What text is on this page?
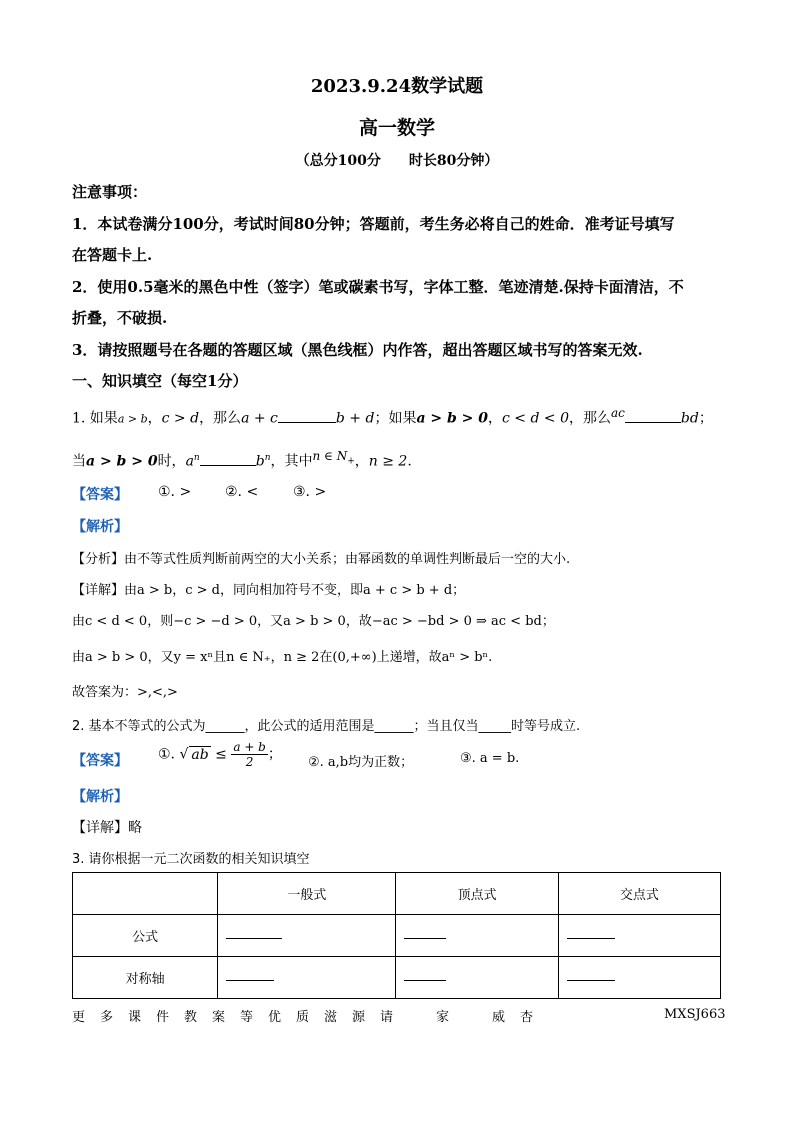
2023.9.24数学试题
高一数学
（总分100分　　时长80分钟）
注意事项：
1．本试卷满分100分，考试时间80分钟；答题前，考生务必将自己的姓命．准考证号填写
在答题卡上.
2．使用0.5毫米的黑色中性（签字）笔或碳素书写，字体工整．笔迹清楚.保持卡面清洁，不
折叠，不破损.
3．请按照题号在各题的答题区域（黑色线框）内作答，超出答题区域书写的答案无效.
一、知识填空（每空1分）
1. 如果a > b，c > d，那么a + c	b + d；如果a > b > 0，c < d < 0，那么$^{ac}$	bd；
当a > b > 0时，$a^n$	$b^n$，其中$^{n \in N_+}$，n ≥ 2.
【答案】 ①. > ②. < ③. >
【解析】
【分析】由不等式性质判断前两空的大小关系；由幂函数的单调性判断最后一空的大小.
【详解】由a > b，c > d，同向相加符号不变，即a + c > b + d；
由c < d < 0，则−c > −d > 0，又a > b > 0，故−ac > −bd > 0 ⇒ ac < bd；
由a > b > 0，又y = xⁿ且n ∈ N₊，n ≥ 2在(0,+∞)上递增，故aⁿ > bⁿ.
故答案为：>,<,>
2. 基本不等式的公式为______，此公式的适用范围是______；当且仅当_____时等号成立.
【答案】 ①. √ ab ≤ $\frac{a + b}{2}$ ； ②. a,b均为正数；	③. a = b.
【解析】
【详解】略
3. 请你根据一元二次函数的相关知识填空
	一般式	顶点式	交点式
公式			
对称轴			
更多课件教案等优质滋源请　家　威杏	MXSJ663
